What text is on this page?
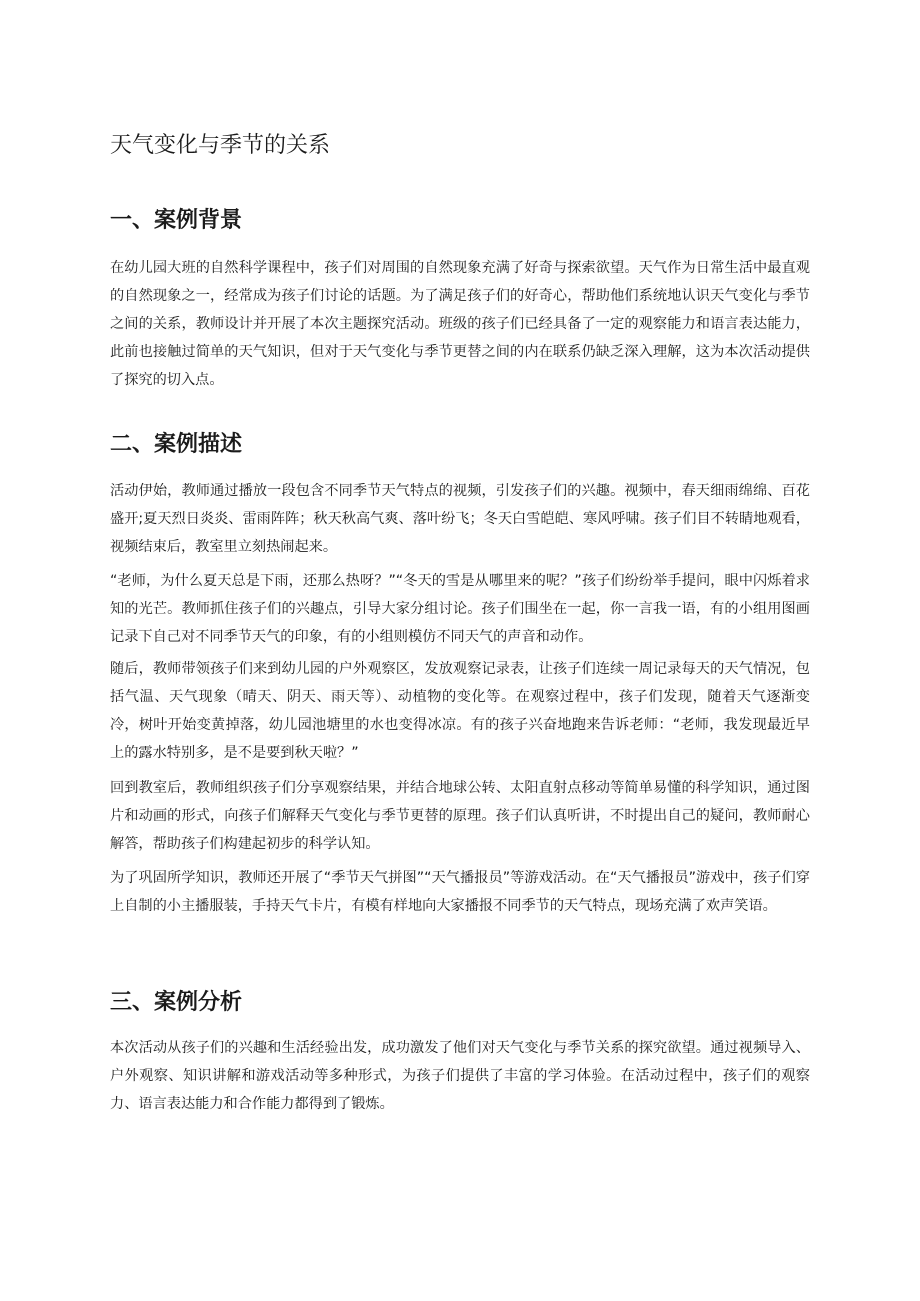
天气变化与季节的关系
一、案例背景

在幼儿园大班的自然科学课程中，孩子们对周围的自然现象充满了好奇与探索欲望。天气作为日常生活中最直观的自然现象之一，经常成为孩子们讨论的话题。为了满足孩子们的好奇心，帮助他们系统地认识天气变化与季节之间的关系，教师设计并开展了本次主题探究活动。班级的孩子们已经具备了一定的观察能力和语言表达能力，此前也接触过简单的天气知识，但对于天气变化与季节更替之间的内在联系仍缺乏深入理解，这为本次活动提供了探究的切入点。

二、案例描述

活动伊始，教师通过播放一段包含不同季节天气特点的视频，引发孩子们的兴趣。视频中，春天细雨绵绵、百花盛开;夏天烈日炎炎、雷雨阵阵；秋天秋高气爽、落叶纷飞；冬天白雪皑皑、寒风呼啸。孩子们目不转睛地观看，视频结束后，教室里立刻热闹起来。

“老师，为什么夏天总是下雨，还那么热呀？”“冬天的雪是从哪里来的呢？”孩子们纷纷举手提问，眼中闪烁着求知的光芒。教师抓住孩子们的兴趣点，引导大家分组讨论。孩子们围坐在一起，你一言我一语，有的小组用图画记录下自己对不同季节天气的印象，有的小组则模仿不同天气的声音和动作。

随后，教师带领孩子们来到幼儿园的户外观察区，发放观察记录表，让孩子们连续一周记录每天的天气情况，包括气温、天气现象（晴天、阴天、雨天等）、动植物的变化等。在观察过程中，孩子们发现，随着天气逐渐变冷，树叶开始变黄掉落，幼儿园池塘里的水也变得冰凉。有的孩子兴奋地跑来告诉老师：“老师，我发现最近早上的露水特别多，是不是要到秋天啦？”

回到教室后，教师组织孩子们分享观察结果，并结合地球公转、太阳直射点移动等简单易懂的科学知识，通过图片和动画的形式，向孩子们解释天气变化与季节更替的原理。孩子们认真听讲，不时提出自己的疑问，教师耐心解答，帮助孩子们构建起初步的科学认知。

为了巩固所学知识，教师还开展了“季节天气拼图”“天气播报员”等游戏活动。在“天气播报员”游戏中，孩子们穿上自制的小主播服装，手持天气卡片，有模有样地向大家播报不同季节的天气特点，现场充满了欢声笑语。

三、案例分析

本次活动从孩子们的兴趣和生活经验出发，成功激发了他们对天气变化与季节关系的探究欲望。通过视频导入、户外观察、知识讲解和游戏活动等多种形式，为孩子们提供了丰富的学习体验。在活动过程中，孩子们的观察力、语言表达能力和合作能力都得到了锻炼。
